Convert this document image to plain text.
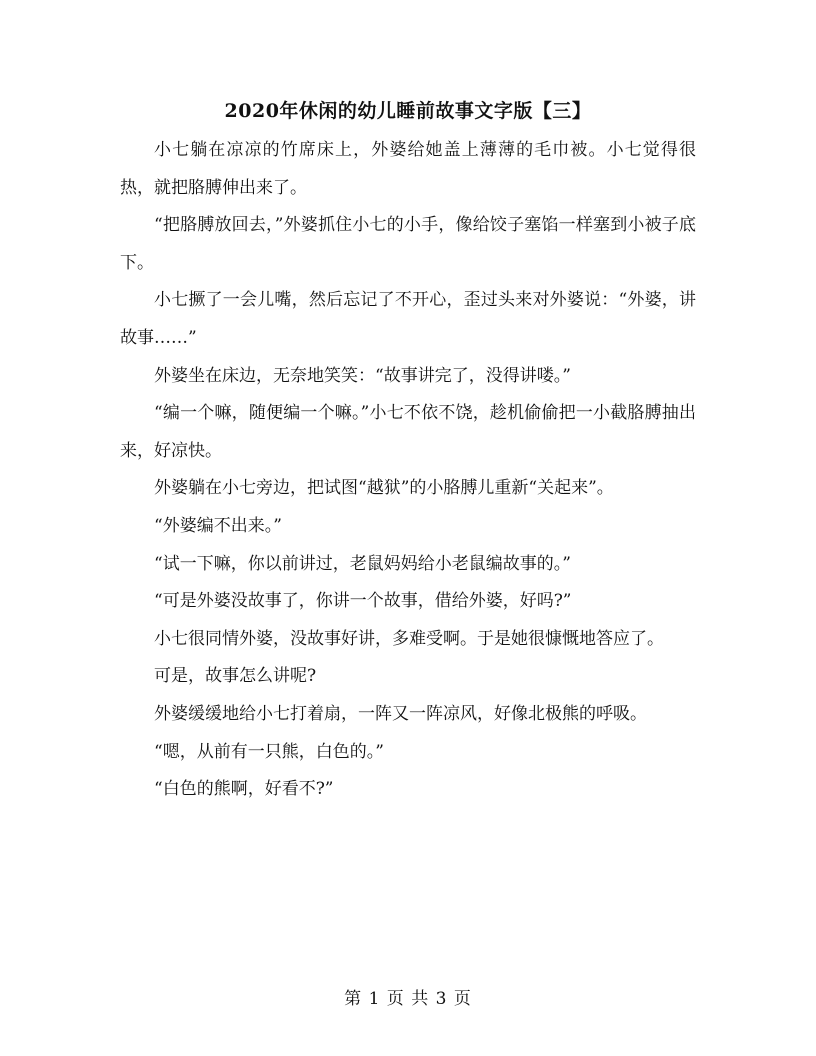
2020年休闲的幼儿睡前故事文字版【三】

小七躺在凉凉的竹席床上，外婆给她盖上薄薄的毛巾被。小七觉得很热，就把胳膊伸出来了。

“把胳膊放回去，”外婆抓住小七的小手，像给饺子塞馅一样塞到小被子底下。

小七撅了一会儿嘴，然后忘记了不开心，歪过头来对外婆说：“外婆，讲故事……”

外婆坐在床边，无奈地笑笑：“故事讲完了，没得讲喽。”

“编一个嘛，随便编一个嘛。”小七不依不饶，趁机偷偷把一小截胳膊抽出来，好凉快。

外婆躺在小七旁边，把试图“越狱”的小胳膊儿重新“关起来”。

“外婆编不出来。”

“试一下嘛，你以前讲过，老鼠妈妈给小老鼠编故事的。”

“可是外婆没故事了，你讲一个故事，借给外婆，好吗?”

小七很同情外婆，没故事好讲，多难受啊。于是她很慷慨地答应了。

可是，故事怎么讲呢?

外婆缓缓地给小七打着扇，一阵又一阵凉风，好像北极熊的呼吸。

“嗯，从前有一只熊，白色的。”

“白色的熊啊，好看不?”

第 1 页 共 3 页
